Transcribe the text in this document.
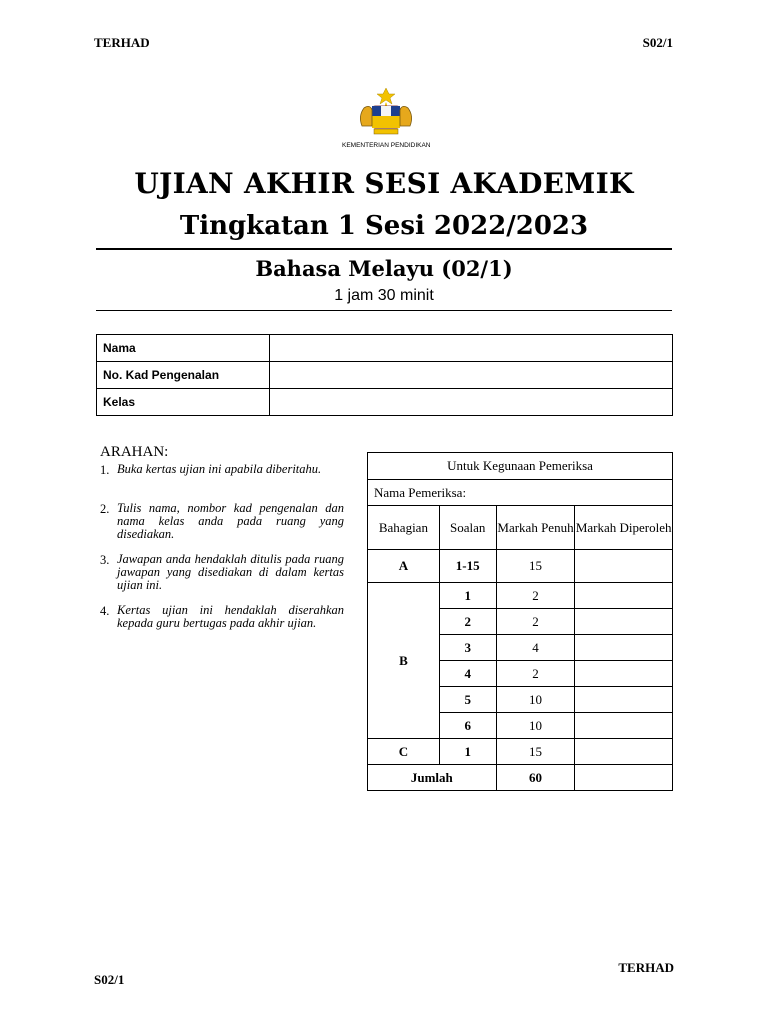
TERHAD	S02/1
KEMENTERIAN PENDIDIKAN
UJIAN AKHIR SESI AKADEMIK
Tingkatan 1 Sesi 2022/2023
Bahasa Melayu (02/1)
1 jam 30 minit
Nama	
No. Kad Pengenalan	
Kelas	
ARAHAN:
1. Buka kertas ujian ini apabila diberitahu.
2. Tulis nama, nombor kad pengenalan dan nama kelas anda pada ruang yang disediakan.
3. Jawapan anda hendaklah ditulis pada ruang jawapan yang disediakan di dalam kertas ujian ini.
4. Kertas ujian ini hendaklah diserahkan kepada guru bertugas pada akhir ujian.
Untuk Kegunaan Pemeriksa			
Nama Pemeriksa:			
Bahagian	Soalan	Markah Penuh	Markah Diperoleh
A	1-15	15	
B	1	2	
	2	2	
	3	4	
	4	2	
	5	10	
	6	10	
C	1	15	
Jumlah		60	
S02/1
TERHAD
